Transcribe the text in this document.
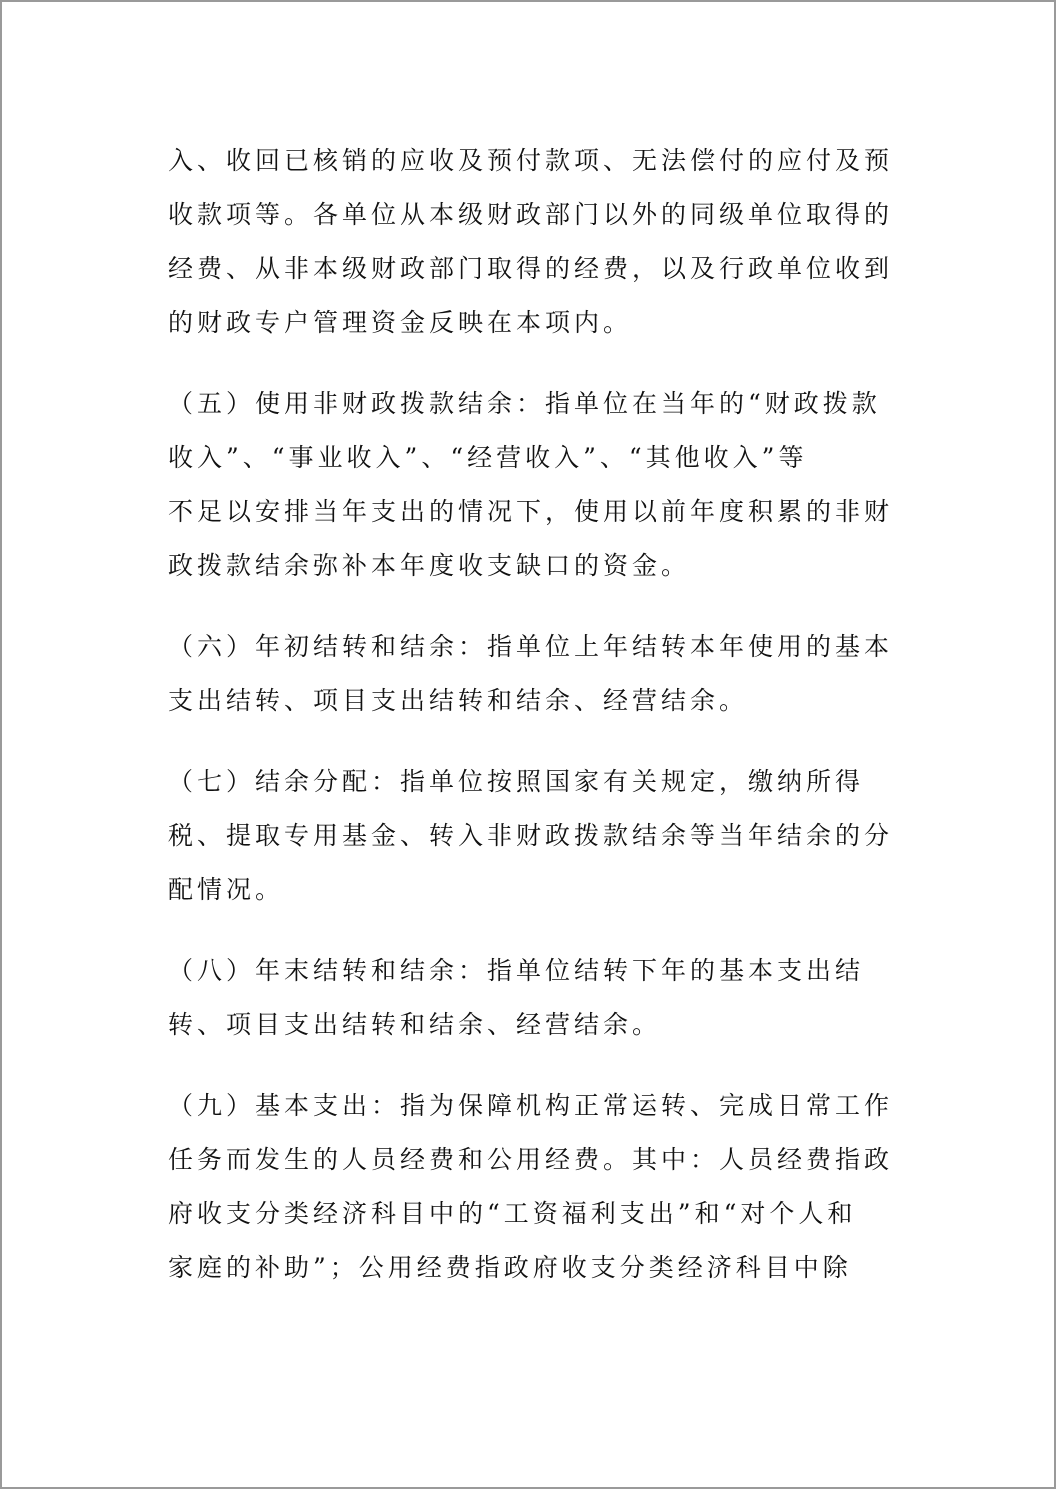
入、收回已核销的应收及预付款项、无法偿付的应付及预
收款项等。各单位从本级财政部门以外的同级单位取得的
经费、从非本级财政部门取得的经费，以及行政单位收到
的财政专户管理资金反映在本项内。

（五）使用非财政拨款结余：指单位在当年的“财政拨款
收入”、“事业收入”、“经营收入”、“其他收入”等
不足以安排当年支出的情况下，使用以前年度积累的非财
政拨款结余弥补本年度收支缺口的资金。

（六）年初结转和结余：指单位上年结转本年使用的基本
支出结转、项目支出结转和结余、经营结余。

（七）结余分配：指单位按照国家有关规定，缴纳所得
税、提取专用基金、转入非财政拨款结余等当年结余的分
配情况。

（八）年末结转和结余：指单位结转下年的基本支出结
转、项目支出结转和结余、经营结余。

（九）基本支出：指为保障机构正常运转、完成日常工作
任务而发生的人员经费和公用经费。其中：人员经费指政
府收支分类经济科目中的“工资福利支出”和“对个人和
家庭的补助”；公用经费指政府收支分类经济科目中除
